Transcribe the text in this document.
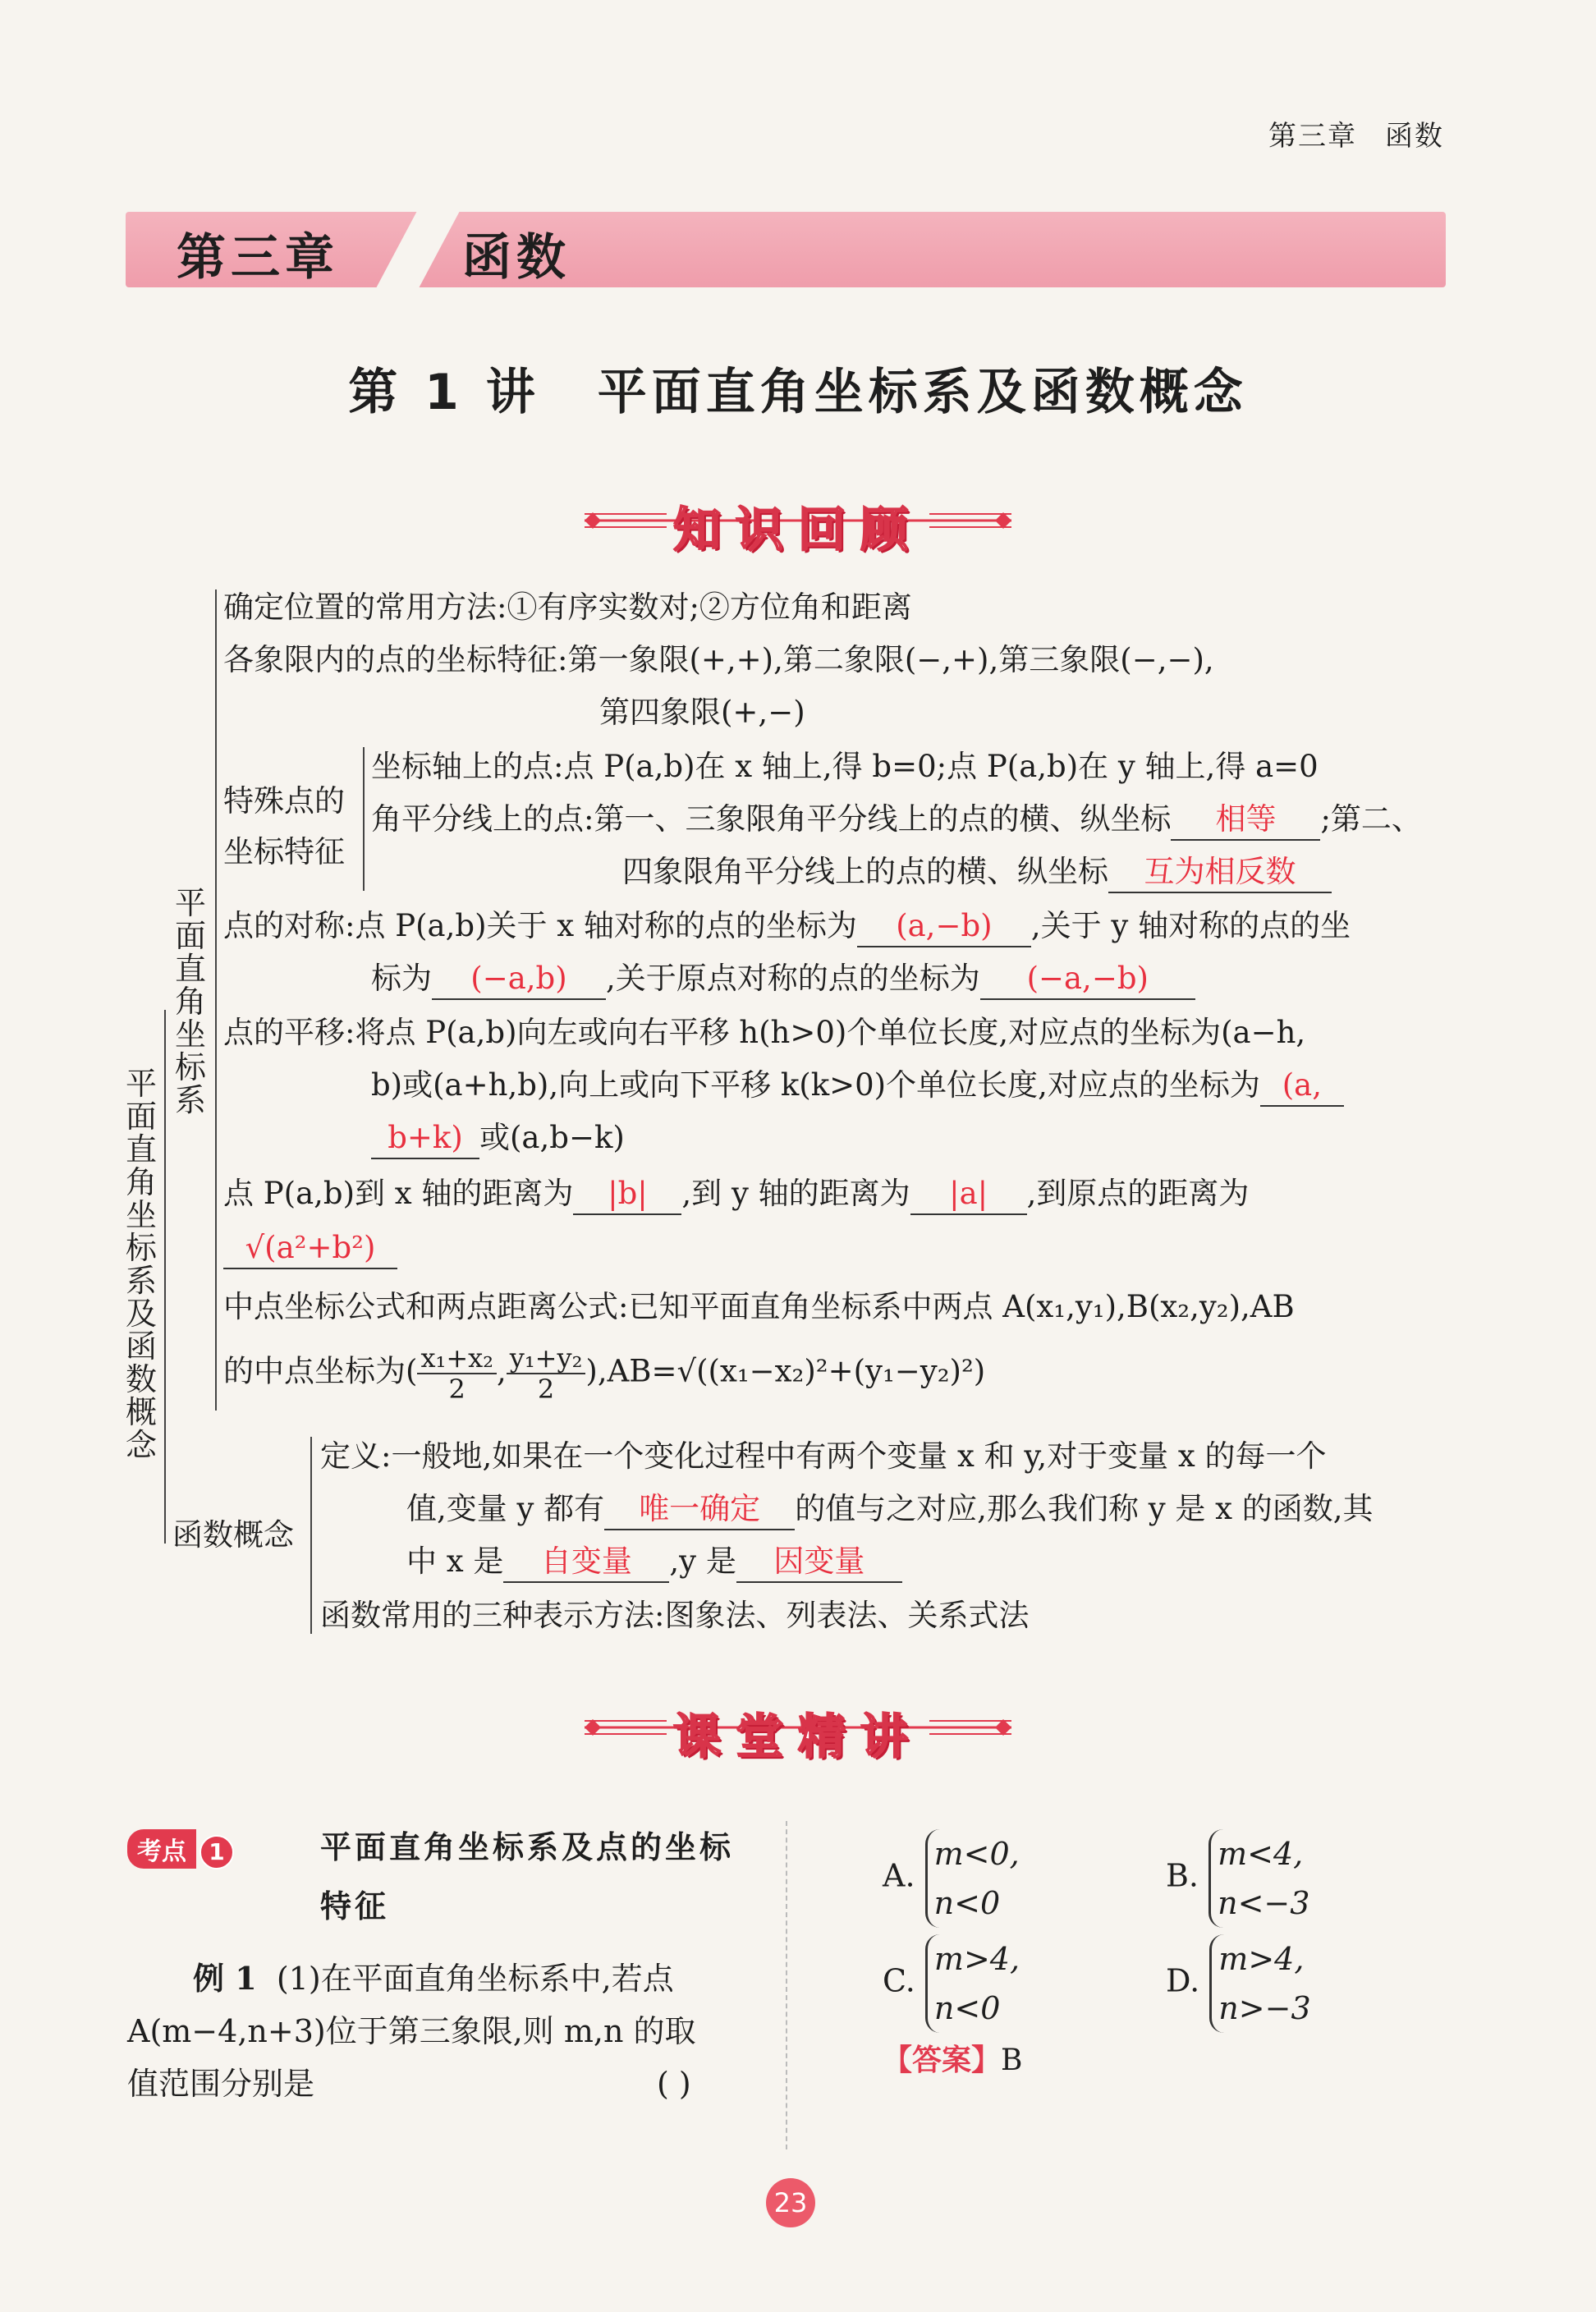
第三章 函数
第三章	函数
第 1 讲 平面直角坐标系及函数概念
知识回顾
平面直角坐标系及函数概念
平面直角坐标系
函数概念
特殊点的坐标特征
确定位置的常用方法:①有序实数对;②方位角和距离
各象限内的点的坐标特征:第一象限(+,+),第二象限(−,+),第三象限(−,−),
第四象限(+,−)
坐标轴上的点:点 P(a,b)在 x 轴上,得 b=0;点 P(a,b)在 y 轴上,得 a=0
角平分线上的点:第一、三象限角平分线上的点的横、纵坐标 相等 ;第二、
四象限角平分线上的点的横、纵坐标 互为相反数
点的对称:点 P(a,b)关于 x 轴对称的点的坐标为 (a,−b) ,关于 y 轴对称的点的坐
标为 (−a,b) ,关于原点对称的点的坐标为 (−a,−b)
点的平移:将点 P(a,b)向左或向右平移 h(h>0)个单位长度,对应点的坐标为(a−h,
b)或(a+h,b),向上或向下平移 k(k>0)个单位长度,对应点的坐标为 (a,
b+k) 或(a,b−k)
点 P(a,b)到 x 轴的距离为 |b| ,到 y 轴的距离为 |a| ,到原点的距离为
√(a²+b²)
中点坐标公式和两点距离公式:已知平面直角坐标系中两点 A(x₁,y₁),B(x₂,y₂),AB
的中点坐标为( $\frac{\text{x₁+x₂}}{2}$, $\frac{\text{y₁+y₂}}{2}),AB=√((x_1-x_2)^2+(y_1-y_2)^2)$
定义:一般地,如果在一个变化过程中有两个变量 x 和 y,对于变量 x 的每一个
值,变量 y 都有 唯一确定 的值与之对应,那么我们称 y 是 x 的函数,其
中 x 是 自变量 ,y 是 因变量
函数常用的三种表示方法:图象法、列表法、关系式法
课堂精讲
考点 1	平面直角坐标系及点的坐标
特征
例 1 (1)在平面直角坐标系中,若点
A(m−4,n+3)位于第三象限,则 m,n 的取
值范围分别是	( )
A. m<0,
n<0
B. m<4,
n<−3
C. m>4,
n<0
D. m>4,
n>−3
【答案】B
23
